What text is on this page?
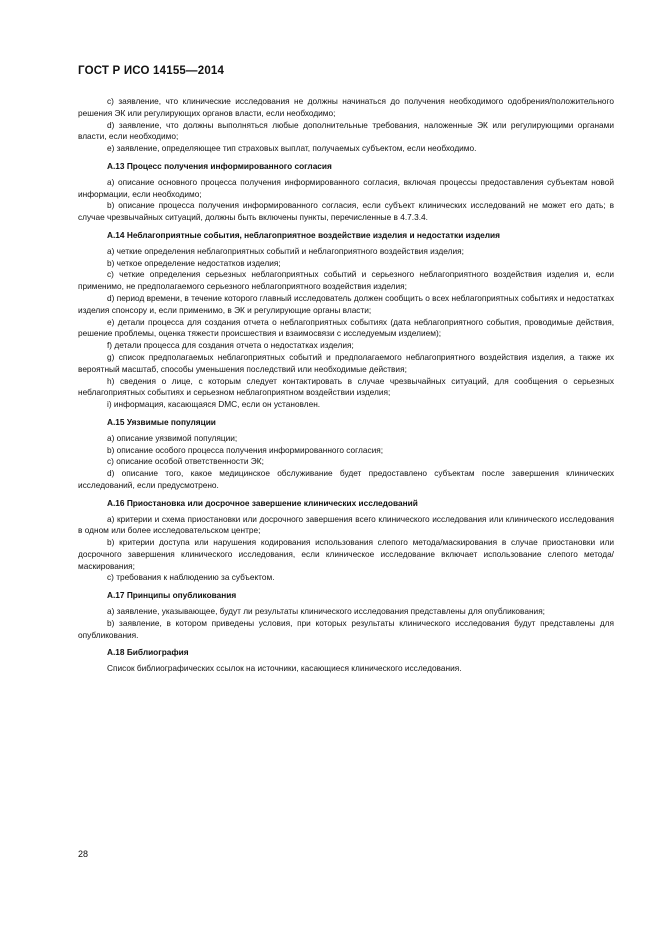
ГОСТ Р ИСО 14155—2014

c) заявление, что клинические исследования не должны начинаться до получения необходимого одобрения/положительного решения ЭК или регулирующих органов власти, если необходимо;

d) заявление, что должны выполняться любые дополнительные требования, наложенные ЭК или регулирующими органами власти, если необходимо;

e) заявление, определяющее тип страховых выплат, получаемых субъектом, если необходимо.

А.13 Процесс получения информированного согласия

a) описание основного процесса получения информированного согласия, включая процессы предоставления субъектам новой информации, если необходимо;

b) описание процесса получения информированного согласия, если субъект клинических исследований не может его дать; в случае чрезвычайных ситуаций, должны быть включены пункты, перечисленные в 4.7.3.4.

А.14 Неблагоприятные события, неблагоприятное воздействие изделия и недостатки изделия

a) четкие определения неблагоприятных событий и неблагоприятного воздействия изделия;

b) четкое определение недостатков изделия;

c) четкие определения серьезных неблагоприятных событий и серьезного неблагоприятного воздействия изделия и, если применимо, не предполагаемого серьезного неблагоприятного воздействия изделия;

d) период времени, в течение которого главный исследователь должен сообщить о всех неблагоприятных событиях и недостатках изделия спонсору и, если применимо, в ЭК и регулирующие органы власти;

e) детали процесса для создания отчета о неблагоприятных событиях (дата неблагоприятного события, проводимые действия, решение проблемы, оценка тяжести происшествия и взаимосвязи с исследуемым изделием);

f) детали процесса для создания отчета о недостатках изделия;

g) список предполагаемых неблагоприятных событий и предполагаемого неблагоприятного воздействия изделия, а также их вероятный масштаб, способы уменьшения последствий или необходимые действия;

h) сведения о лице, с которым следует контактировать в случае чрезвычайных ситуаций, для сообщения о серьезных неблагоприятных событиях и серьезном неблагоприятном воздействии изделия;

i) информация, касающаяся DMC, если он установлен.

А.15 Уязвимые популяции

a) описание уязвимой популяции;

b) описание особого процесса получения информированного согласия;

c) описание особой ответственности ЭК;

d) описание того, какое медицинское обслуживание будет предоставлено субъектам после завершения клинических исследований, если предусмотрено.

А.16 Приостановка или досрочное завершение клинических исследований

a) критерии и схема приостановки или досрочного завершения всего клинического исследования или клинического исследования в одном или более исследовательском центре;

b) критерии доступа или нарушения кодирования использования слепого метода/маскирования в случае приостановки или досрочного завершения клинического исследования, если клиническое исследование включает использование слепого метода/маскирования;

c) требования к наблюдению за субъектом.

А.17 Принципы опубликования

a) заявление, указывающее, будут ли результаты клинического исследования представлены для опубликования;

b) заявление, в котором приведены условия, при которых результаты клинического исследования будут представлены для опубликования.

А.18 Библиография

Список библиографических ссылок на источники, касающиеся клинического исследования.

28
